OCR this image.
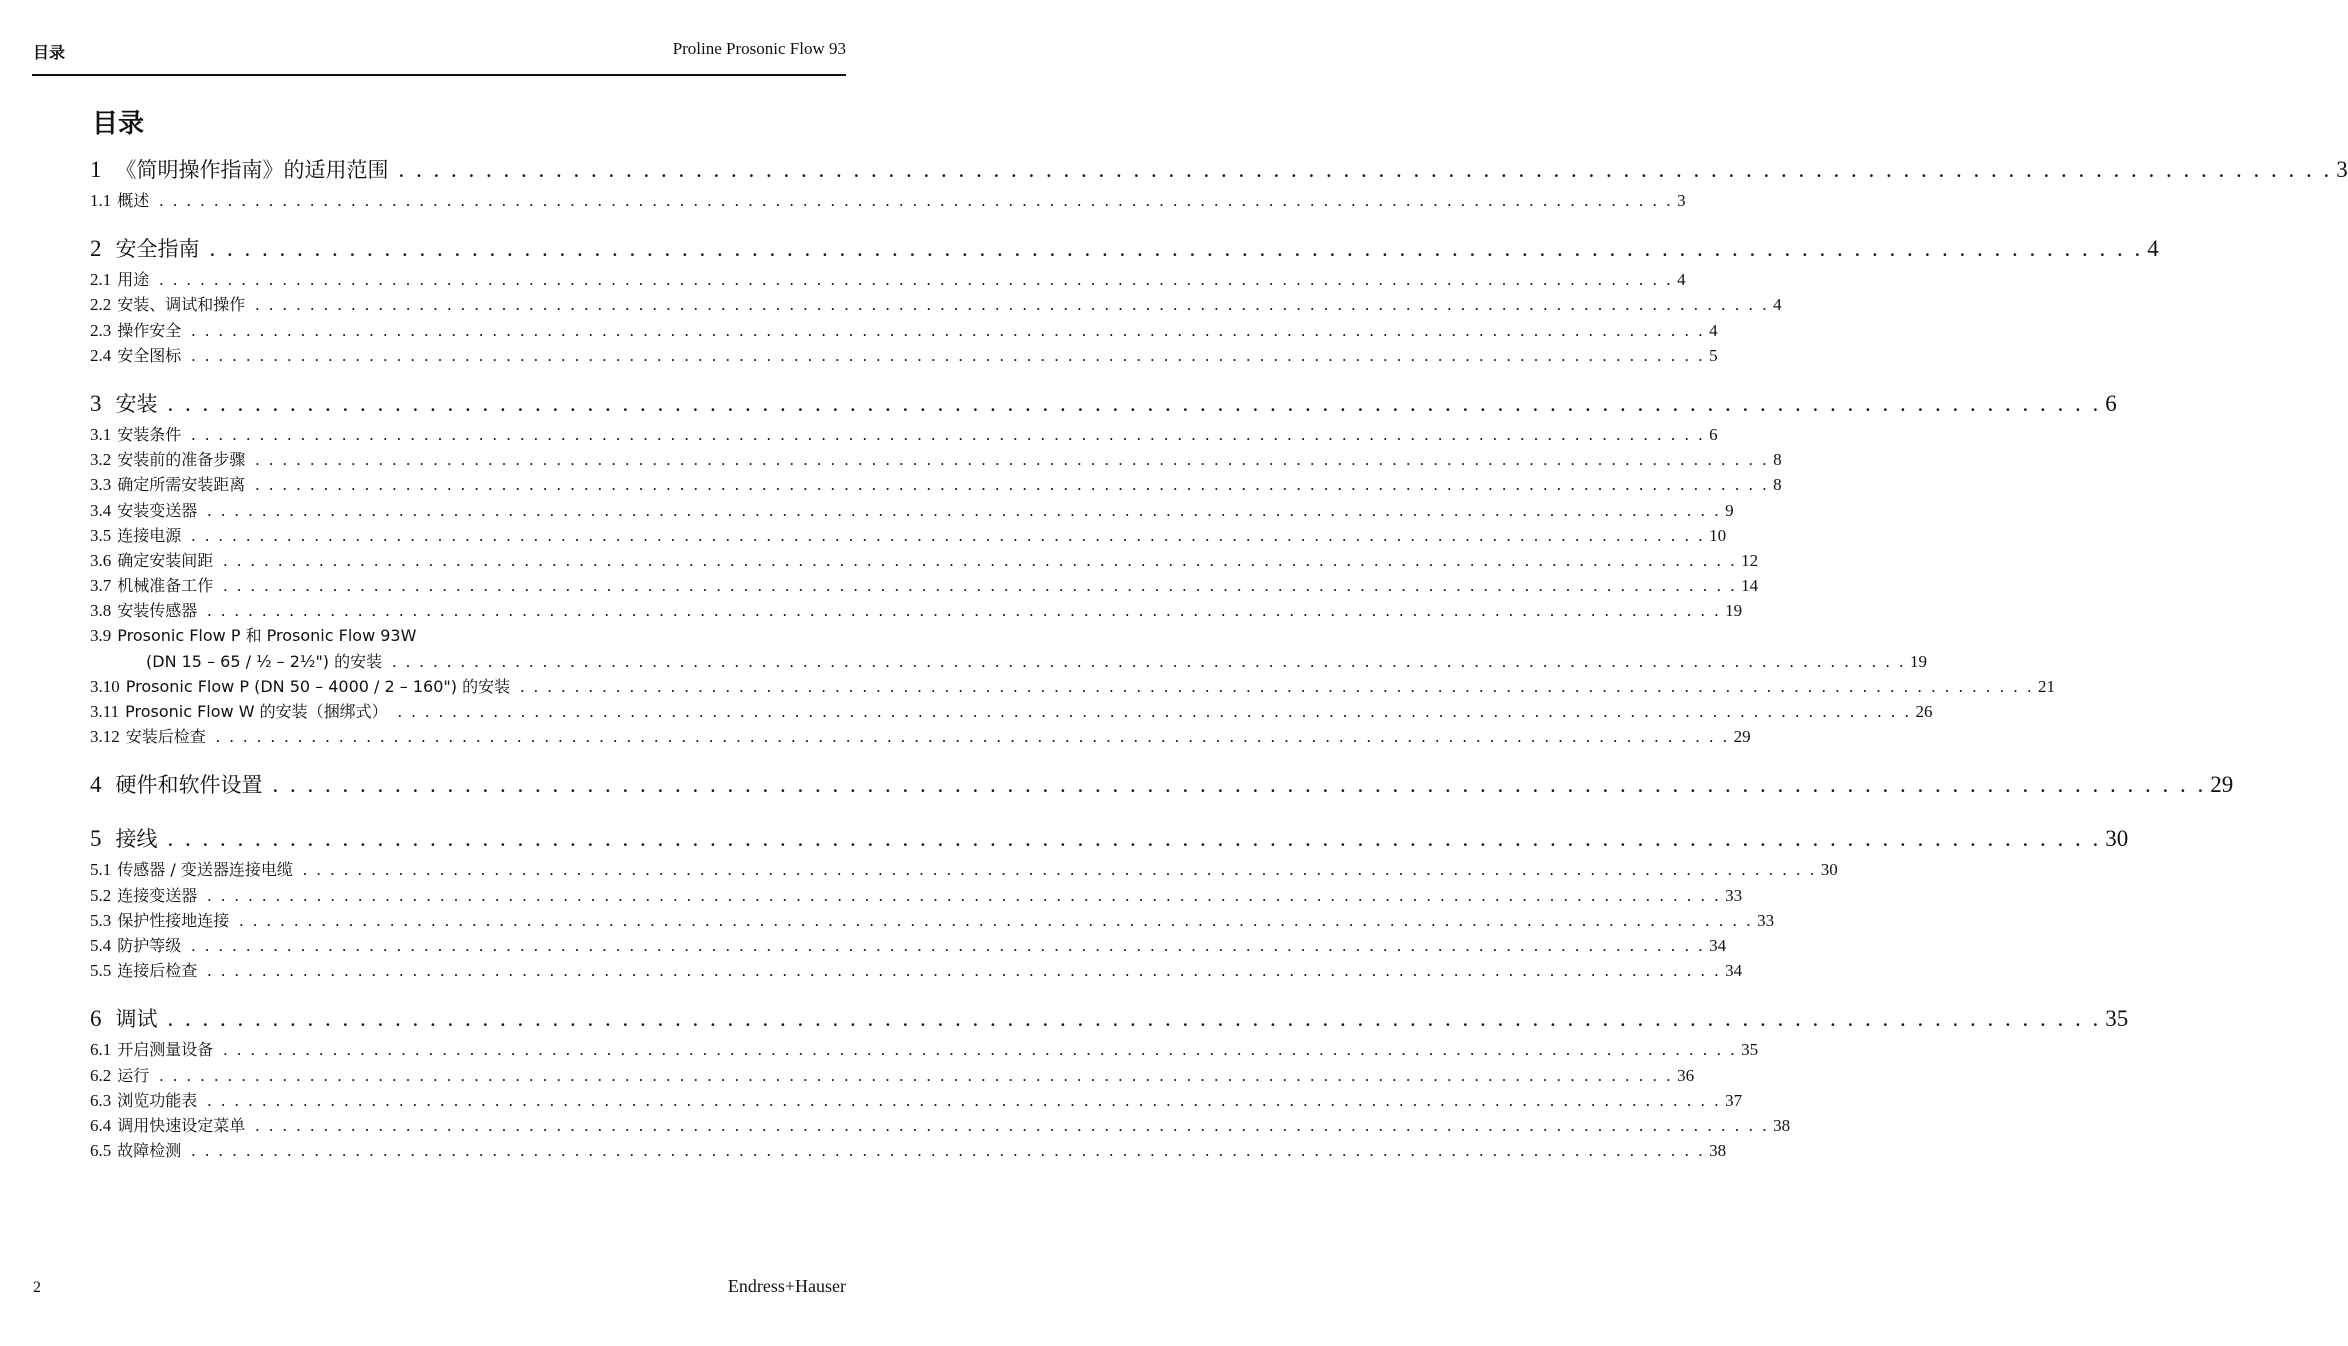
目录	Proline Prosonic Flow 93
目录
1 《简明操作指南》的适用范围 . . . . . . . . . . . . . . . . . . . . . . . . . . . . . . . . . . . . . . . . . . . . . . . . . . . . . . . . . . . . . . . . . . . . . . . . . . . . . . . . . . . . . . . . . . . . . . . . . . . . . . . . . . . . . . . 3
1.1 概述 . . . . . . . . . . . . . . . . . . . . . . . . . . . . . . . . . . . . . . . . . . . . . . . . . . . . . . . . . . . . . . . . . . . . . . . . . . . . . . . . . . . . . . . . . . . . . . . . . . . . . . . . . . . . . . . 3
2 安全指南 . . . . . . . . . . . . . . . . . . . . . . . . . . . . . . . . . . . . . . . . . . . . . . . . . . . . . . . . . . . . . . . . . . . . . . . . . . . . . . . . . . . . . . . . . . . . . . . . . . . . . . . . . . . . . . . 4
2.1 用途 . . . . . . . . . . . . . . . . . . . . . . . . . . . . . . . . . . . . . . . . . . . . . . . . . . . . . . . . . . . . . . . . . . . . . . . . . . . . . . . . . . . . . . . . . . . . . . . . . . . . . . . . . . . . . . . 4
2.2 安装、调试和操作 . . . . . . . . . . . . . . . . . . . . . . . . . . . . . . . . . . . . . . . . . . . . . . . . . . . . . . . . . . . . . . . . . . . . . . . . . . . . . . . . . . . . . . . . . . . . . . . . . . . . . . . . . . . . . . . 4
2.3 操作安全 . . . . . . . . . . . . . . . . . . . . . . . . . . . . . . . . . . . . . . . . . . . . . . . . . . . . . . . . . . . . . . . . . . . . . . . . . . . . . . . . . . . . . . . . . . . . . . . . . . . . . . . . . . . . . . . 4
2.4 安全图标 . . . . . . . . . . . . . . . . . . . . . . . . . . . . . . . . . . . . . . . . . . . . . . . . . . . . . . . . . . . . . . . . . . . . . . . . . . . . . . . . . . . . . . . . . . . . . . . . . . . . . . . . . . . . . . . 5
3 安装 . . . . . . . . . . . . . . . . . . . . . . . . . . . . . . . . . . . . . . . . . . . . . . . . . . . . . . . . . . . . . . . . . . . . . . . . . . . . . . . . . . . . . . . . . . . . . . . . . . . . . . . . . . . . . . . 6
3.1 安装条件 . . . . . . . . . . . . . . . . . . . . . . . . . . . . . . . . . . . . . . . . . . . . . . . . . . . . . . . . . . . . . . . . . . . . . . . . . . . . . . . . . . . . . . . . . . . . . . . . . . . . . . . . . . . . . . . 6
3.2 安装前的准备步骤 . . . . . . . . . . . . . . . . . . . . . . . . . . . . . . . . . . . . . . . . . . . . . . . . . . . . . . . . . . . . . . . . . . . . . . . . . . . . . . . . . . . . . . . . . . . . . . . . . . . . . . . . . . . . . . . 8
3.3 确定所需安装距离 . . . . . . . . . . . . . . . . . . . . . . . . . . . . . . . . . . . . . . . . . . . . . . . . . . . . . . . . . . . . . . . . . . . . . . . . . . . . . . . . . . . . . . . . . . . . . . . . . . . . . . . . . . . . . . . 8
3.4 安装变送器 . . . . . . . . . . . . . . . . . . . . . . . . . . . . . . . . . . . . . . . . . . . . . . . . . . . . . . . . . . . . . . . . . . . . . . . . . . . . . . . . . . . . . . . . . . . . . . . . . . . . . . . . . . . . . . . 9
3.5 连接电源 . . . . . . . . . . . . . . . . . . . . . . . . . . . . . . . . . . . . . . . . . . . . . . . . . . . . . . . . . . . . . . . . . . . . . . . . . . . . . . . . . . . . . . . . . . . . . . . . . . . . . . . . . . . . . . . 10
3.6 确定安装间距 . . . . . . . . . . . . . . . . . . . . . . . . . . . . . . . . . . . . . . . . . . . . . . . . . . . . . . . . . . . . . . . . . . . . . . . . . . . . . . . . . . . . . . . . . . . . . . . . . . . . . . . . . . . . . . . 12
3.7 机械准备工作 . . . . . . . . . . . . . . . . . . . . . . . . . . . . . . . . . . . . . . . . . . . . . . . . . . . . . . . . . . . . . . . . . . . . . . . . . . . . . . . . . . . . . . . . . . . . . . . . . . . . . . . . . . . . . . . 14
3.8 安装传感器 . . . . . . . . . . . . . . . . . . . . . . . . . . . . . . . . . . . . . . . . . . . . . . . . . . . . . . . . . . . . . . . . . . . . . . . . . . . . . . . . . . . . . . . . . . . . . . . . . . . . . . . . . . . . . . . 19
3.9 Prosonic Flow P 和 Prosonic Flow 93W
(DN 15 – 65 / ½ – 2½") 的安装 . . . . . . . . . . . . . . . . . . . . . . . . . . . . . . . . . . . . . . . . . . . . . . . . . . . . . . . . . . . . . . . . . . . . . . . . . . . . . . . . . . . . . . . . . . . . . . . . . . . . . . . . . . . . . . . 19
3.10 Prosonic Flow P (DN 50 – 4000 / 2 – 160") 的安装 . . . . . . . . . . . . . . . . . . . . . . . . . . . . . . . . . . . . . . . . . . . . . . . . . . . . . . . . . . . . . . . . . . . . . . . . . . . . . . . . . . . . . . . . . . . . . . . . . . . . . . . . . . . . . . . 21
3.11 Prosonic Flow W 的安装（捆绑式） . . . . . . . . . . . . . . . . . . . . . . . . . . . . . . . . . . . . . . . . . . . . . . . . . . . . . . . . . . . . . . . . . . . . . . . . . . . . . . . . . . . . . . . . . . . . . . . . . . . . . . . . . . . . . . . 26
3.12 安装后检查 . . . . . . . . . . . . . . . . . . . . . . . . . . . . . . . . . . . . . . . . . . . . . . . . . . . . . . . . . . . . . . . . . . . . . . . . . . . . . . . . . . . . . . . . . . . . . . . . . . . . . . . . . . . . . . . 29
4 硬件和软件设置 . . . . . . . . . . . . . . . . . . . . . . . . . . . . . . . . . . . . . . . . . . . . . . . . . . . . . . . . . . . . . . . . . . . . . . . . . . . . . . . . . . . . . . . . . . . . . . . . . . . . . . . . . . . . . . . 29
5 接线 . . . . . . . . . . . . . . . . . . . . . . . . . . . . . . . . . . . . . . . . . . . . . . . . . . . . . . . . . . . . . . . . . . . . . . . . . . . . . . . . . . . . . . . . . . . . . . . . . . . . . . . . . . . . . . . 30
5.1 传感器 / 变送器连接电缆 . . . . . . . . . . . . . . . . . . . . . . . . . . . . . . . . . . . . . . . . . . . . . . . . . . . . . . . . . . . . . . . . . . . . . . . . . . . . . . . . . . . . . . . . . . . . . . . . . . . . . . . . . . . . . . . 30
5.2 连接变送器 . . . . . . . . . . . . . . . . . . . . . . . . . . . . . . . . . . . . . . . . . . . . . . . . . . . . . . . . . . . . . . . . . . . . . . . . . . . . . . . . . . . . . . . . . . . . . . . . . . . . . . . . . . . . . . . 33
5.3 保护性接地连接 . . . . . . . . . . . . . . . . . . . . . . . . . . . . . . . . . . . . . . . . . . . . . . . . . . . . . . . . . . . . . . . . . . . . . . . . . . . . . . . . . . . . . . . . . . . . . . . . . . . . . . . . . . . . . . . 33
5.4 防护等级 . . . . . . . . . . . . . . . . . . . . . . . . . . . . . . . . . . . . . . . . . . . . . . . . . . . . . . . . . . . . . . . . . . . . . . . . . . . . . . . . . . . . . . . . . . . . . . . . . . . . . . . . . . . . . . . 34
5.5 连接后检查 . . . . . . . . . . . . . . . . . . . . . . . . . . . . . . . . . . . . . . . . . . . . . . . . . . . . . . . . . . . . . . . . . . . . . . . . . . . . . . . . . . . . . . . . . . . . . . . . . . . . . . . . . . . . . . . 34
6 调试 . . . . . . . . . . . . . . . . . . . . . . . . . . . . . . . . . . . . . . . . . . . . . . . . . . . . . . . . . . . . . . . . . . . . . . . . . . . . . . . . . . . . . . . . . . . . . . . . . . . . . . . . . . . . . . . 35
6.1 开启测量设备 . . . . . . . . . . . . . . . . . . . . . . . . . . . . . . . . . . . . . . . . . . . . . . . . . . . . . . . . . . . . . . . . . . . . . . . . . . . . . . . . . . . . . . . . . . . . . . . . . . . . . . . . . . . . . . . 35
6.2 运行 . . . . . . . . . . . . . . . . . . . . . . . . . . . . . . . . . . . . . . . . . . . . . . . . . . . . . . . . . . . . . . . . . . . . . . . . . . . . . . . . . . . . . . . . . . . . . . . . . . . . . . . . . . . . . . . 36
6.3 浏览功能表 . . . . . . . . . . . . . . . . . . . . . . . . . . . . . . . . . . . . . . . . . . . . . . . . . . . . . . . . . . . . . . . . . . . . . . . . . . . . . . . . . . . . . . . . . . . . . . . . . . . . . . . . . . . . . . . 37
6.4 调用快速设定菜单 . . . . . . . . . . . . . . . . . . . . . . . . . . . . . . . . . . . . . . . . . . . . . . . . . . . . . . . . . . . . . . . . . . . . . . . . . . . . . . . . . . . . . . . . . . . . . . . . . . . . . . . . . . . . . . . 38
6.5 故障检测 . . . . . . . . . . . . . . . . . . . . . . . . . . . . . . . . . . . . . . . . . . . . . . . . . . . . . . . . . . . . . . . . . . . . . . . . . . . . . . . . . . . . . . . . . . . . . . . . . . . . . . . . . . . . . . . 38
2	Endress+Hauser
